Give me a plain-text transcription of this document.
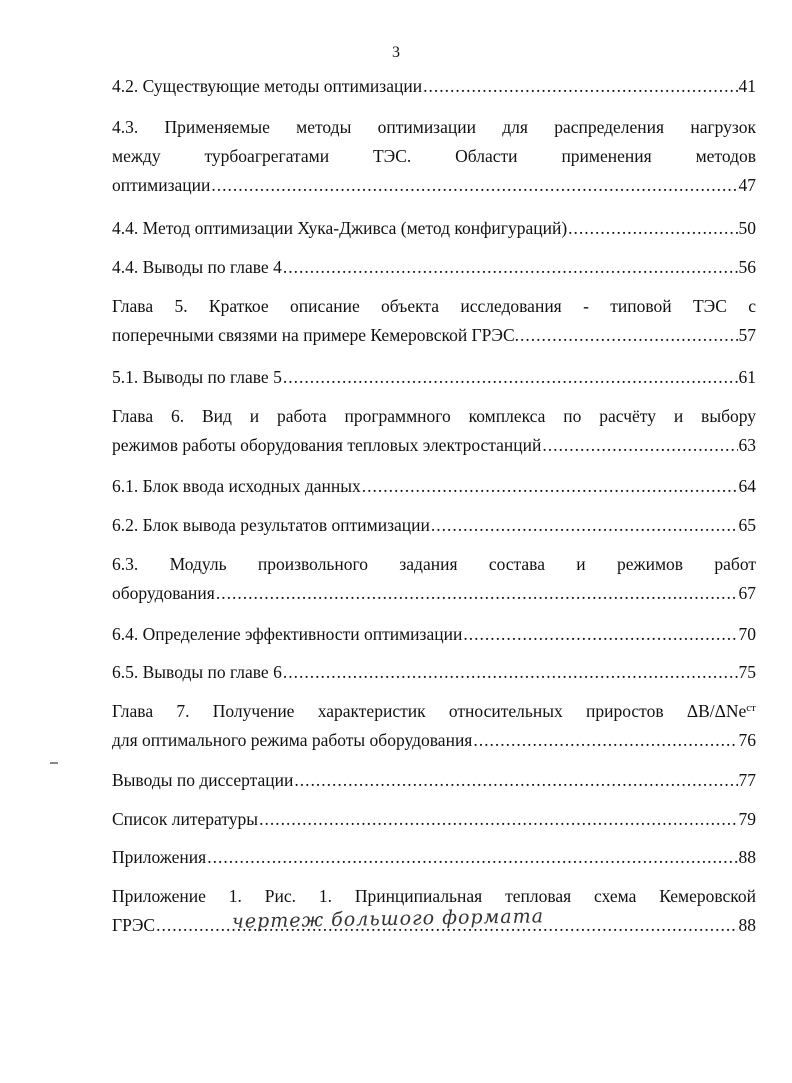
3
4.2. Существующие методы оптимизации .....	41
4.3. Применяемые методы оптимизации для распределения нагрузок
между турбоагрегатами ТЭС. Области применения методов
оптимизации .....	47
4.4. Метод оптимизации Хука-Дживса (метод конфигураций) .....	50
4.4. Выводы по главе 4 .....	56
Глава 5. Краткое описание объекта исследования - типовой ТЭС с
поперечными связями на примере Кемеровской ГРЭС. .....	57
5.1. Выводы по главе 5 .....	61
Глава 6. Вид и работа программного комплекса по расчёту и выбору
режимов работы оборудования тепловых электростанций .....	63
6.1. Блок ввода исходных данных .....	64
6.2. Блок вывода результатов оптимизации .....	65
6.3. Модуль произвольного задания состава и режимов работ
оборудования .....	67
6.4. Определение эффективности оптимизации .....	70
6.5. Выводы по главе 6 .....	75
Глава 7. Получение характеристик относительных приростов ΔB/ΔNe$^{ст}$
для оптимального режима работы оборудования .....	76
Выводы по диссертации .....	77
Список литературы .....	79
Приложения .....	88
Приложение 1. Рис. 1. Принципиальная тепловая схема Кемеровской
ГРЭС .....	88
чертеж большого формата
